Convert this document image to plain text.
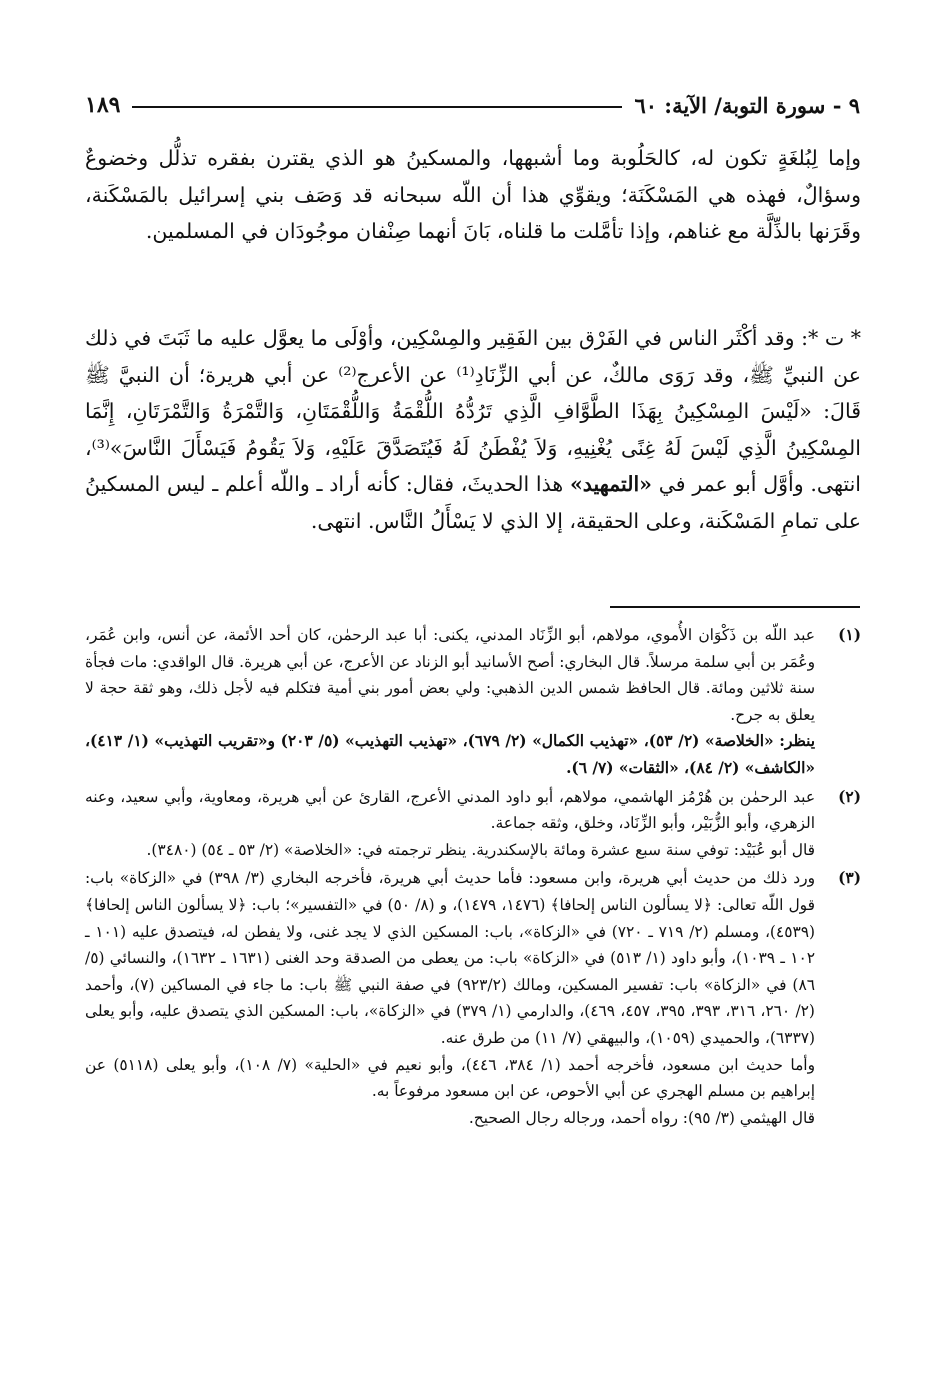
٩ - سورة التوبة/ الآية: ٦٠
١٨٩

وإما لِبُلغَةٍ تكون له، كالحَلُوبة وما أشبهها، والمسكينُ هو الذي يقترن بفقره تذلُّل وخضوعٌ وسؤالٌ، فهذه هي المَسْكَنَة؛ ويقوِّي هذا أن اللّه سبحانه قد وَصَف بني إسرائيل بالمَسْكَنة، وقَرَنها بالذِّلَّة مع غناهم، وإذا تأمَّلت ما قلناه، بَانَ أنهما صِنْفان موجُودَان في المسلمين.

* ت *: وقد أكْثَر الناس في الفَرْق بين الفَقِير والمِسْكِين، وأوْلَى ما يعوَّل عليه ما ثَبَتَ في ذلك عن النبيِّ ﷺ، وقد رَوَى مالكٌ، عن أبي الزِّنَادِ⁽¹⁾ عن الأعرج⁽²⁾ عن أبي هريرة؛ أن النبيَّ ﷺ قَالَ: «لَيْسَ المِسْكِينُ بِهَذَا الطَّوَّافِ الَّذِي تَرُدُّهُ اللُّقْمَةُ وَاللُّقْمَتَانِ، وَالتَّمْرَةُ وَالتَّمْرَتَانِ، إِنَّمَا المِسْكِينُ الَّذِي لَيْسَ لَهُ غِنًى يُغْنِيهِ، وَلاَ يُفْطَنُ لَهُ فَيُتَصَدَّقَ عَلَيْهِ، وَلاَ يَقُومُ فَيَسْأَلَ النَّاسَ»⁽³⁾، انتهى. وأوَّل أبو عمر في «التمهيد» هذا الحديثَ، فقال: كأنه أراد ـ واللّه أعلم ـ ليس المسكينُ على تمامِ المَسْكَنة، وعلى الحقيقة، إلا الذي لا يَسْأَلُ النَّاس. انتهى.
(١)

عبد اللّه بن ذَكْوَان الأُموي، مولاهم، أبو الزِّنَاد المدني، يكنى: أبا عبد الرحمٰن، كان أحد الأئمة، عن أنس، وابن عُمَر، وعُمَر بن أبي سلمة مرسلاً. قال البخاري: أصح الأسانيد أبو الزناد عن الأعرج، عن أبي هريرة. قال الواقدي: مات فجأة سنة ثلاثين ومائة. قال الحافظ شمس الدين الذهبي: ولي بعض أمور بني أمية فتكلم فيه لأجل ذلك، وهو ثقة حجة لا يعلق به جرح.

ينظر: «الخلاصة» (٢/ ٥٣)، «تهذيب الكمال» (٢/ ٦٧٩)، «تهذيب التهذيب» (٥/ ٢٠٣) و«تقريب التهذيب» (١/ ٤١٣)، «الكاشف» (٢/ ٨٤)، «الثقات» (٧/ ٦).

(٢)

عبد الرحمٰن بن هُرْمُز الهاشمي، مولاهم، أبو داود المدني الأعرج، القارئ عن أبي هريرة، ومعاوية، وأبي سعيد، وعنه الزهري، وأبو الزُّبَيْر، وأبو الزِّنَاد، وخلق، وثقه جماعة.

قال أبو عُبَيْد: توفي سنة سبع عشرة ومائة بالإسكندرية. ينظر ترجمته في: «الخلاصة» (٢/ ٥٣ ـ ٥٤) (٣٤٨٠).

(٣)

ورد ذلك من حديث أبي هريرة، وابن مسعود: فأما حديث أبي هريرة، فأخرجه البخاري (٣/ ٣٩٨) في «الزكاة» باب: قول اللّه تعالى: ﴿لا يسألون الناس إلحافا﴾ (١٤٧٦، ١٤٧٩)، و (٨/ ٥٠) في «التفسير»؛ باب: ﴿لا يسألون الناس إلحافا﴾ (٤٥٣٩)، ومسلم (٢/ ٧١٩ ـ ٧٢٠) في «الزكاة»، باب: المسكين الذي لا يجد غنى، ولا يفطن له، فيتصدق عليه (١٠١ ـ ١٠٢ ـ ١٠٣٩)، وأبو داود (١/ ٥١٣) في «الزكاة» باب: من يعطى من الصدقة وحد الغنى (١٦٣١ ـ ١٦٣٢)، والنسائي (٥/ ٨٦) في «الزكاة» باب: تفسير المسكين، ومالك (٩٢٣/٢) في صفة النبي ﷺ باب: ما جاء في المساكين (٧)، وأحمد (٢/ ٢٦٠، ٣١٦، ٣٩٣، ٣٩٥، ٤٥٧، ٤٦٩)، والدارمي (١/ ٣٧٩) في «الزكاة»، باب: المسكين الذي يتصدق عليه، وأبو يعلى (٦٣٣٧)، والحميدي (١٠٥٩)، والبيهقي (٧/ ١١) من طرق عنه.

وأما حديث ابن مسعود، فأخرجه أحمد (١/ ٣٨٤، ٤٤٦)، وأبو نعيم في «الحلية» (٧/ ١٠٨)، وأبو يعلى (٥١١٨) عن إبراهيم بن مسلم الهجري عن أبي الأحوص، عن ابن مسعود مرفوعاً به.

قال الهيثمي (٣/ ٩٥): رواه أحمد، ورجاله رجال الصحيح.
